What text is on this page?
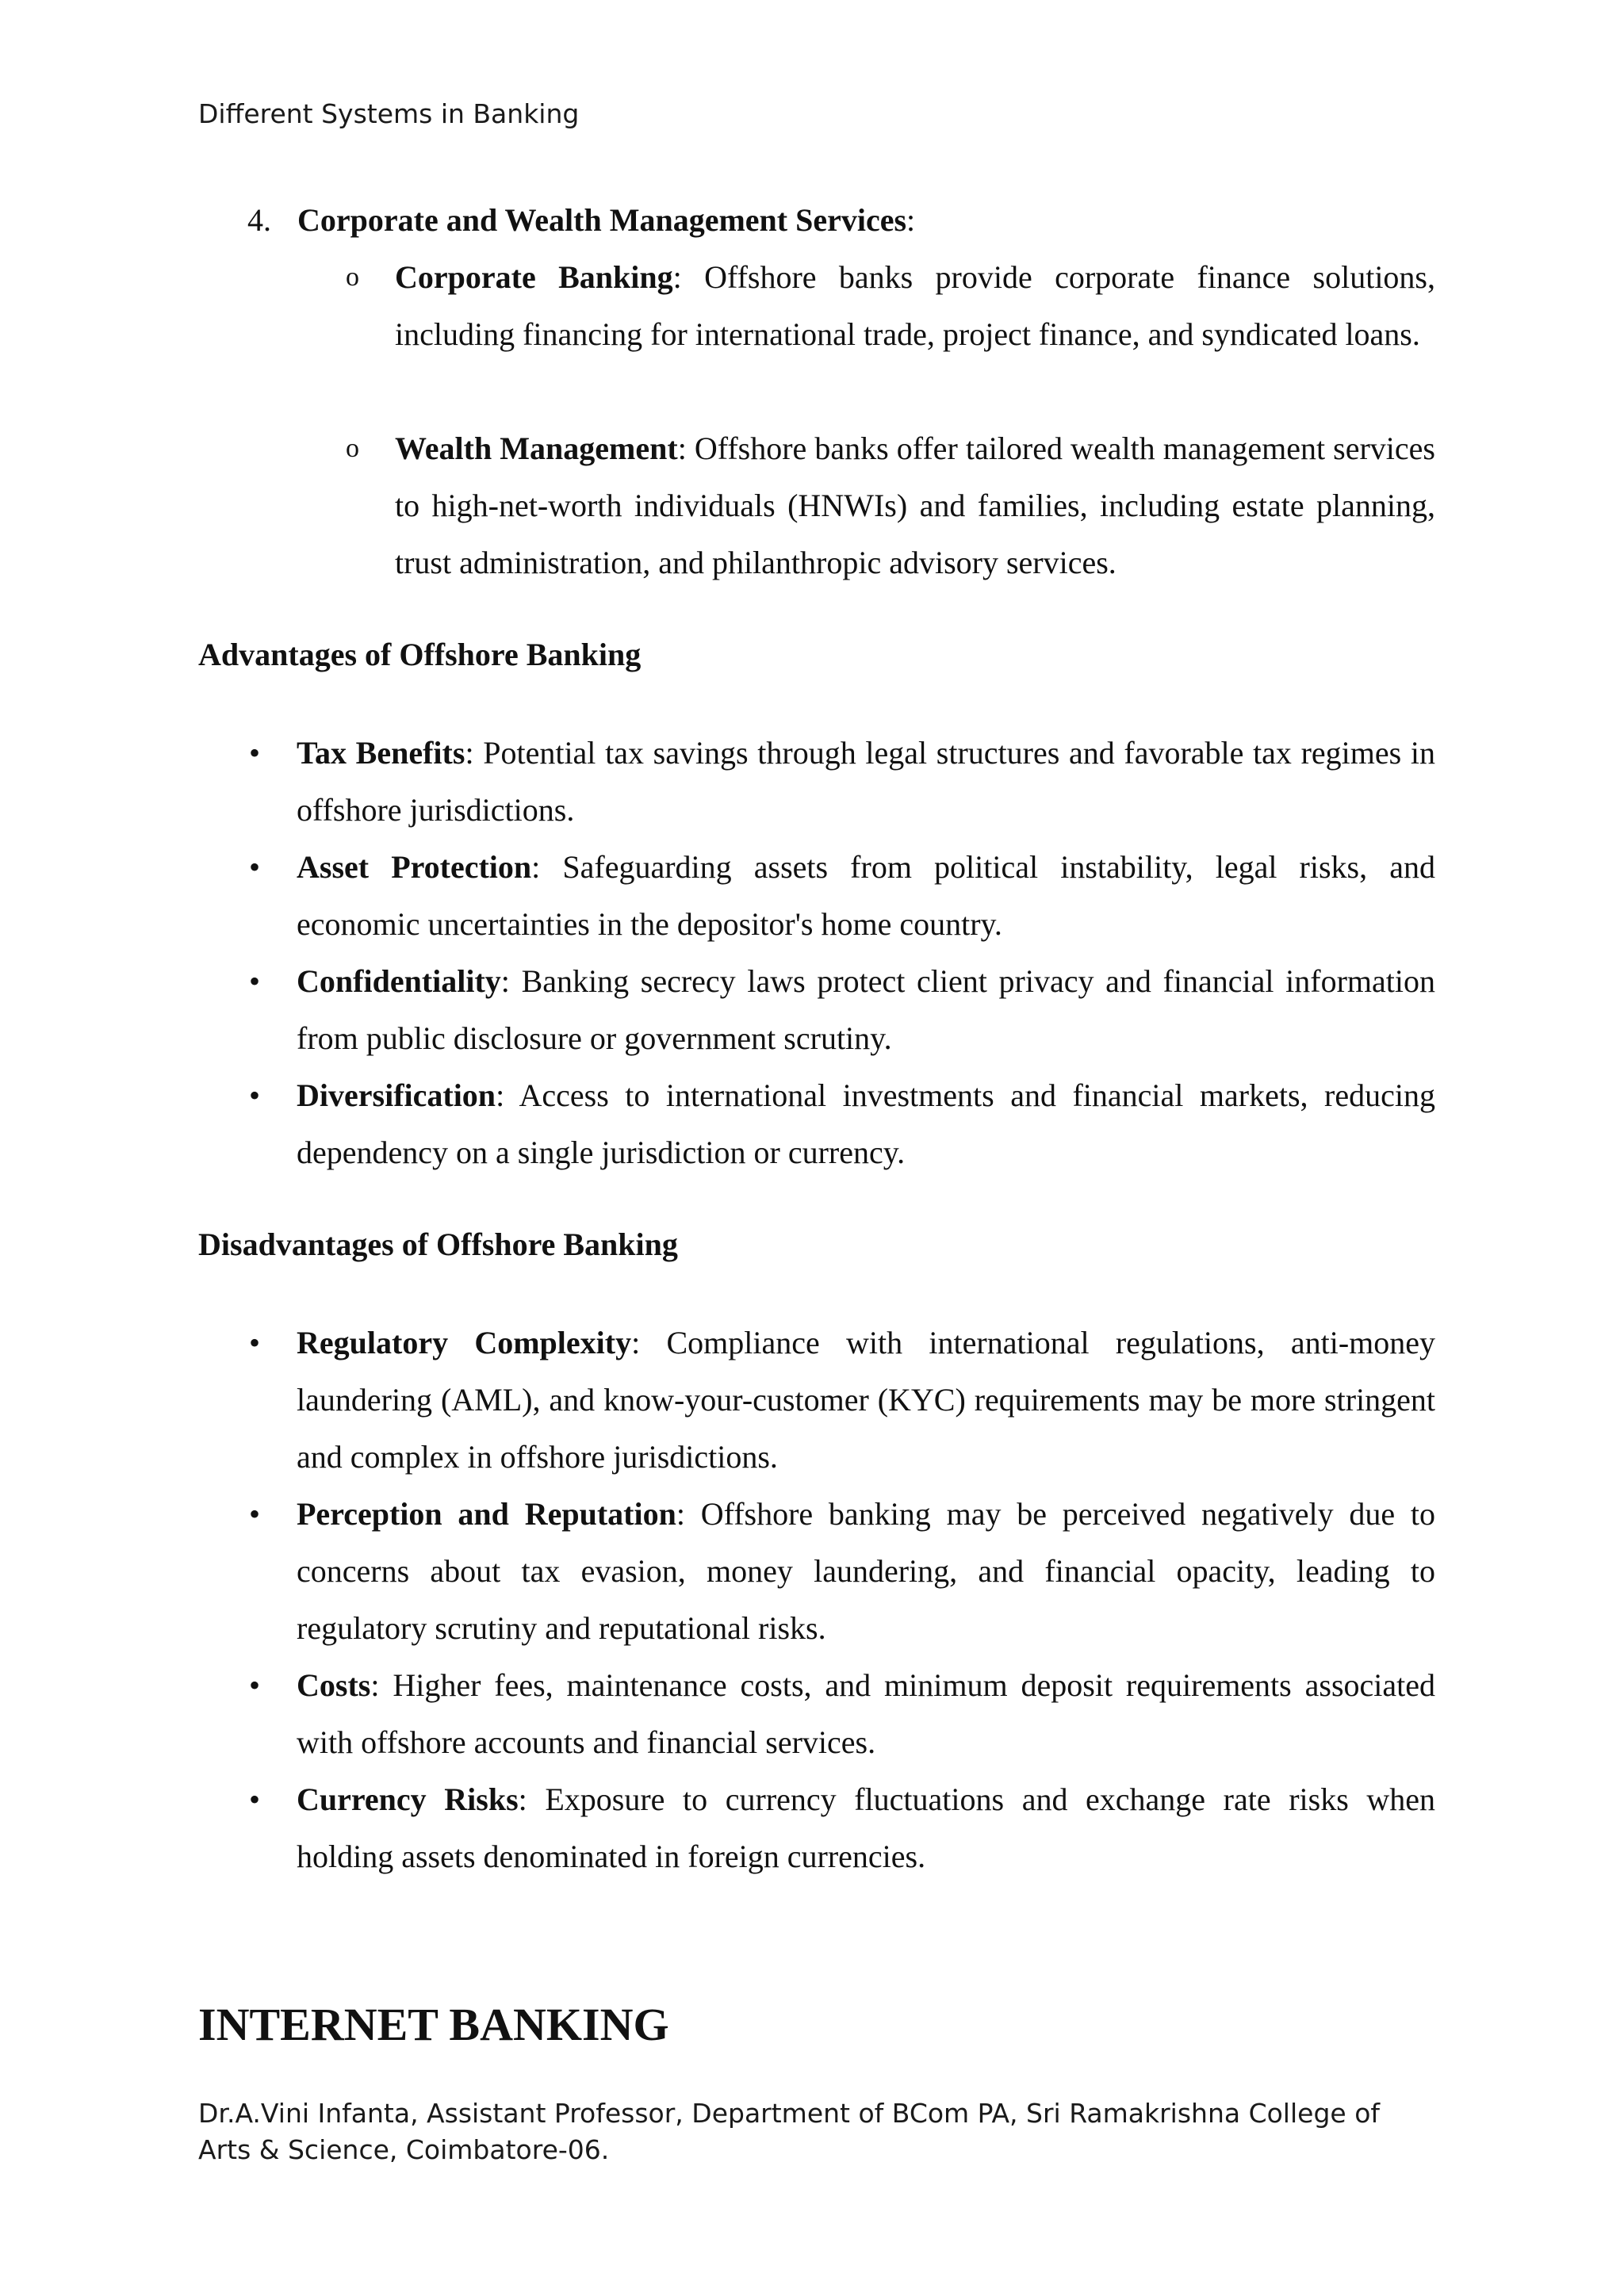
Different Systems in Banking
4. Corporate and Wealth Management Services:
o Corporate Banking: Offshore banks provide corporate finance solutions, including financing for international trade, project finance, and syndicated loans.

o Wealth Management: Offshore banks offer tailored wealth management services to high-net-worth individuals (HNWIs) and families, including estate planning, trust administration, and philanthropic advisory services.

Advantages of Offshore Banking
• Tax Benefits: Potential tax savings through legal structures and favorable tax regimes in offshore jurisdictions.

• Asset Protection: Safeguarding assets from political instability, legal risks, and economic uncertainties in the depositor's home country.

• Confidentiality: Banking secrecy laws protect client privacy and financial information from public disclosure or government scrutiny.

• Diversification: Access to international investments and financial markets, reducing dependency on a single jurisdiction or currency.

Disadvantages of Offshore Banking
• Regulatory Complexity: Compliance with international regulations, anti-money laundering (AML), and know-your-customer (KYC) requirements may be more stringent and complex in offshore jurisdictions.

• Perception and Reputation: Offshore banking may be perceived negatively due to concerns about tax evasion, money laundering, and financial opacity, leading to regulatory scrutiny and reputational risks.

• Costs: Higher fees, maintenance costs, and minimum deposit requirements associated with offshore accounts and financial services.

• Currency Risks: Exposure to currency fluctuations and exchange rate risks when holding assets denominated in foreign currencies.

INTERNET BANKING
Dr.A.Vini Infanta, Assistant Professor, Department of BCom PA, Sri Ramakrishna College of Arts & Science, Coimbatore-06.
